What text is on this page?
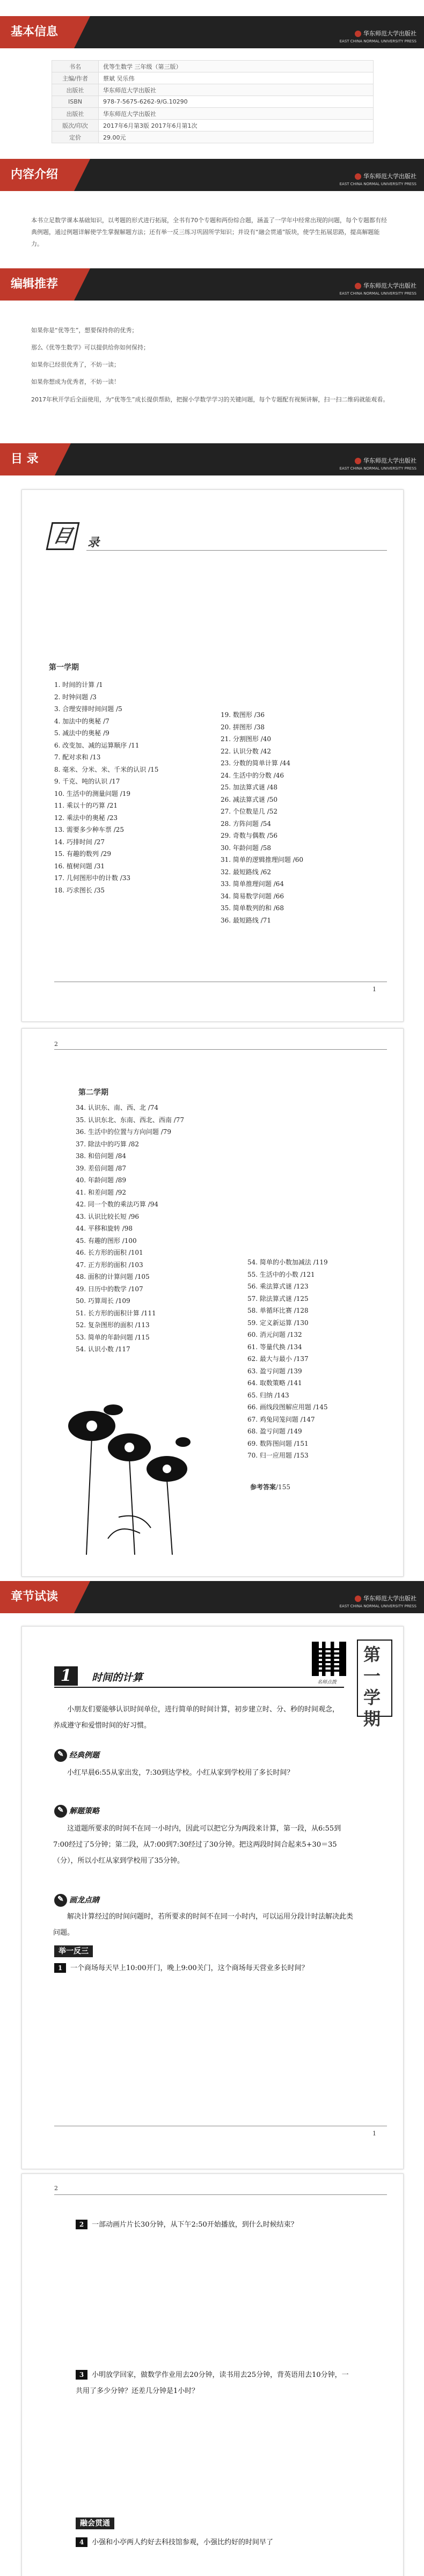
基本信息	华东师范大学出版社
EAST CHINA NORMAL UNIVERSITY PRESS
书名	优等生数学 三年级（第三版）
主编/作者	蔡斌 吴乐伟
出版社	华东师范大学出版社
ISBN	978-7-5675-6262-9/G.10290
出版社	华东师范大学出版社
版次/印次	2017年6月第3版 2017年6月第1次
定价	29.00元
内容介绍	华东师范大学出版社
EAST CHINA NORMAL UNIVERSITY PRESS
本书立足数学课本基础知识，以考题的形式进行拓展，全书有70个专题和两份综合题，涵盖了一学年中经常出现的问题，每个专题都有经典例题，通过例题详解使学生掌握解题方法；还有举一反三练习巩固所学知识；并设有“融会贯通”版块，使学生拓展思路，提高解题能力。
编辑推荐	华东师范大学出版社
EAST CHINA NORMAL UNIVERSITY PRESS
如果你是“优等生”，想要保持你的优秀；
那么《优等生数学》可以提供给你如何保持；
如果你已经很优秀了，不妨一读；
如果你想成为优秀者，不妨一读！
2017年秋开学后全面使用，为“优等生”成长提供帮助，把握小学数学学习的关键问题，每个专题配有视频讲解，扫一扫二维码就能观看。
目 录	华东师范大学出版社
EAST CHINA NORMAL UNIVERSITY PRESS
目 录
第一学期
1. 时间的计算 /1
2. 时钟问题 /3
3. 合理安排时间问题 /5
4. 加法中的奥秘 /7
5. 减法中的奥秘 /9
6. 改变加、减的运算顺序 /11
7. 配对求和 /13
8. 毫米、分米、米、千米的认识 /15
9. 千克、吨的认识 /17
10. 生活中的测量问题 /19
11. 乘以十的巧算 /21
12. 乘法中的奥秘 /23
13. 需要多少种车票 /25
14. 巧排时间 /27
15. 有趣的数列 /29
16. 植树问题 /31
17. 几何图形中的计数 /33
18. 巧求图长 /35
19. 数图形 /36
20. 拼图形 /38
21. 分割图形 /40
22. 认识分数 /42
23. 分数的简单计算 /44
24. 生活中的分数 /46
25. 加法算式谜 /48
26. 减法算式谜 /50
27. 个位数是几 /52
28. 方阵问题 /54
29. 奇数与偶数 /56
30. 年龄问题 /58
31. 简单的逻辑推理问题 /60
32. 最短路线 /62
33. 简单推理问题 /64
34. 简易数学问题 /66
35. 简单数列的和 /68
36. 最短路线 /71
1
2
第二学期
34. 认识东、南、西、北 /74
35. 认识东北、东南、西北、西南 /77
36. 生活中的位置与方向问题 /79
37. 除法中的巧算 /82
38. 和倍问题 /84
39. 差倍问题 /87
40. 年龄问题 /89
41. 和差问题 /92
42. 同一个数的乘法巧算 /94
43. 认识比较长短 /96
44. 平移和旋转 /98
45. 有趣的图形 /100
46. 长方形的面积 /101
47. 正方形的面积 /103
48. 面积的计算问题 /105
49. 日历中的数学 /107
50. 巧算周长 /109
51. 长方形的面积计算 /111
52. 复杂图形的面积 /113
53. 简单的年龄问题 /115
54. 认识小数 /117
54. 简单的小数加减法 /119
55. 生活中的小数 /121
56. 乘法算式谜 /123
57. 除法算式谜 /125
58. 单循环比赛 /128
59. 定义新运算 /130
60. 消元问题 /132
61. 等量代换 /134
62. 最大与最小 /137
63. 盈亏问题 /139
64. 取数策略 /141
65. 归纳 /143
66. 画线段图解应用题 /145
67. 鸡兔同笼问题 /147
68. 盈亏问题 /149
69. 数阵图问题 /151
70. 归一应用题 /153
参考答案/155
章节试读	华东师范大学出版社
EAST CHINA NORMAL UNIVERSITY PRESS
1	时间的计算	名师点拨
第一学期
小朋友们要能够认识时间单位，进行简单的时间计算，初步建立时、分、秒的时间观念，养成遵守和爱惜时间的好习惯。
✎经典例题
小红早晨6:55从家出发，7:30到达学校。小红从家到学校用了多长时间？
✎解题策略
这道题所要求的时间不在同一小时内，因此可以把它分为两段来计算，第一段，从6:55到7:00经过了5分钟；第二段，从7:00到7:30经过了30分钟。把这两段时间合起来5+30＝35（分），所以小红从家到学校用了35分钟。
✎画龙点睛
解决计算经过的时间问题时，若所要求的时间不在同一小时内，可以运用分段计时法解决此类问题。
举一反三
1 一个商场每天早上10:00开门，晚上9:00关门，这个商场每天营业多长时间？
1
2
2 一部动画片片长30分钟，从下午2:50开始播放，到什么时候结束？
3 小明放学回家，做数学作业用去20分钟，读书用去25分钟，背英语用去10分钟，一共用了多少分钟？还差几分钟是1小时？
融会贯通
4 小强和小亭两人约好去科技馆参观，小强比约好的时间早了
